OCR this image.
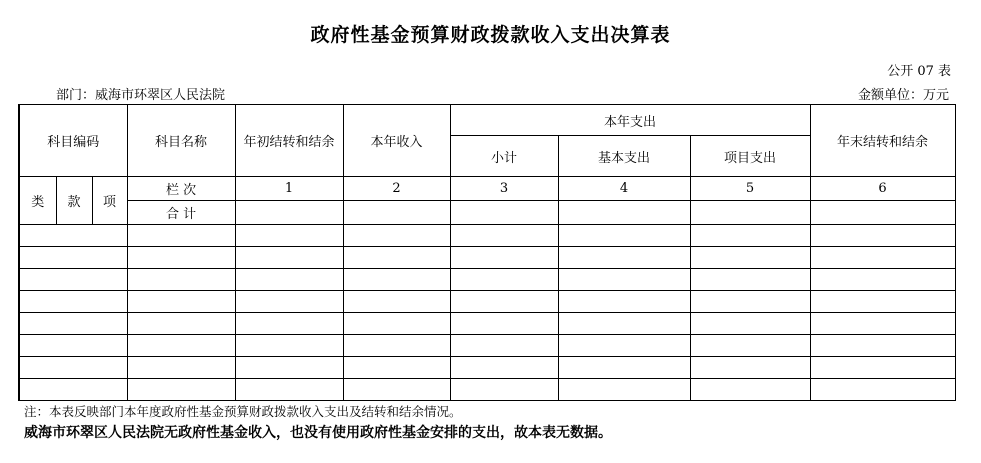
政府性基金预算财政拨款收入支出决算表
公开 07 表
部门：威海市环翠区人民法院	金额单位：万元
科目编码			科目名称	年初结转和结余	本年收入	本年支出			年末结转和结余
						小计	基本支出	项目支出	
类	款	项	栏 次	1	2	3	4	5	6
			合 计						

注：本表反映部门本年度政府性基金预算财政拨款收入支出及结转和结余情况。
威海市环翠区人民法院无政府性基金收入，也没有使用政府性基金安排的支出，故本表无数据。
